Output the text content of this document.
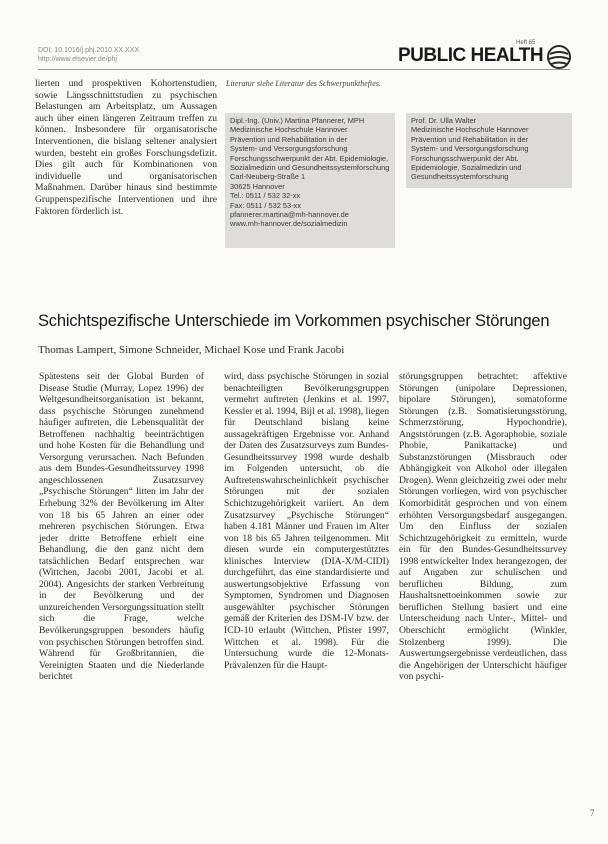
DOI: 10.1016/j.phj.2010.XX.XXX
http://www.elsevier.de/phj
Heft 65
PUBLIC HEALTH

lierten und prospektiven Kohortenstudien, sowie Längsschnittstudien zu psychischen Belastungen am Arbeitsplatz, um Aussagen auch über einen längeren Zeitraum treffen zu können. Insbesondere für organisatorische Interventionen, die bislang seltener analysiert wurden, besteht ein großes Forschungsdefizit. Dies gilt auch für Kombinationen von individuelle und organisatorischen Maßnahmen. Darüber hinaus sind bestimmte Gruppenspezifische Interventionen und ihre Faktoren förderlich ist.

Literatur siehe Literatur des Schwerpunktheftes.
Dipl.-Ing. (Univ.) Martina Pfannerer, MPH
Medizinische Hochschule Hannover
Prävention und Rehabilitation in der
System- und Versorgungsforschung
Forschungsschwerpunkt der Abt. Epidemiologie, Sozialmedizin und Gesundheitssystemforschung
Carl-Neuberg-Straße 1
30625 Hannover
Tel.: 0511 / 532 32-xx
Fax: 0511 / 532 53-xx
pfannerer.martina@mh-hannover.de
www.mh-hannover.de/sozialmedizin
Prof. Dr. Ulla Walter
Medizinische Hochschule Hannover
Prävention und Rehabilitation in der
System- und Versorgungsforschung
Forschungsschwerpunkt der Abt. Epidemiologie, Sozialmedizin und Gesundheitssystemforschung
Schichtspezifische Unterschiede im Vorkommen psychischer Störungen
Thomas Lampert, Simone Schneider, Michael Kose und Frank Jacobi

Spätestens seit der Global Burden of Disease Studie (Murray, Lopez 1996) der Weltgesundheitsorganisation ist bekannt, dass psychische Störungen zunehmend häufiger auftreten, die Lebensqualität der Betroffenen nachhaltig beeinträchtigen und hohe Kosten für die Behandlung und Versorgung verursachen. Nach Befunden aus dem Bundes-Gesundheitssurvey 1998 angeschlossenen Zusatzsurvey „Psychische Störungen“ litten im Jahr der Erhebung 32% der Bevölkerung im Alter von 18 bis 65 Jahren an einer oder mehreren psychischen Störungen. Etwa jeder dritte Betroffene erhielt eine Behandlung, die den ganz nicht dem tatsächlichen Bedarf entsprechen war (Wittchen, Jacobi 2001, Jacobi et al. 2004). Angesichts der starken Verbreitung in der Bevölkerung und der unzureichenden Versorgungssituation stellt sich die Frage, welche Bevölkerungsgruppen besonders häufig von psychischen Störungen betroffen sind. Während für Großbritannien, die Vereinigten Staaten und die Niederlande berichtet

wird, dass psychische Störungen in sozial benachteiligten Bevölkerungsgruppen vermehrt auftreten (Jenkins et al. 1997, Kessler et al. 1994, Bijl et al. 1998), liegen für Deutschland bislang keine aussagekräftigen Ergebnisse vor. Anhand der Daten des Zusatzsurveys zum Bundes-Gesundheitssurvey 1998 wurde deshalb im Folgenden untersucht, ob die Auftretenswahrscheinlichkeit psychischer Störungen mit der sozialen Schichtzugehörigkeit variiert. An dem Zusatzsurvey „Psychische Störungen“ haben 4.181 Männer und Frauen im Alter von 18 bis 65 Jahren teilgenommen. Mit diesen wurde ein computergestütztes klinisches Interview (DIA-X/M-CIDI) durchgeführt, das eine standardisierte und auswertungsobjektive Erfassung von Symptomen, Syndromen und Diagnosen ausgewählter psychischer Störungen gemäß der Kriterien des DSM-IV bzw. der ICD-10 erlaubt (Wittchen, Pfister 1997, Wittchen et al. 1998). Für die Untersuchung wurde die 12-Monats-Prävalenzen für die Haupt-

störungsgruppen betrachtet: affektive Störungen (unipolare Depressionen, bipolare Störungen), somatoforme Störungen (z.B. Somatisierungsstörung, Schmerzstörung, Hypochondrie), Angststörungen (z.B. Agoraphobie, soziale Phobie, Panikattacke) und Substanzstörungen (Missbrauch oder Abhängigkeit von Alkohol oder illegalen Drogen). Wenn gleichzeitig zwei oder mehr Störungen vorliegen, wird von psychischer Komorbidität gesprochen und von einem erhöhten Versorgungsbedarf ausgegangen. Um den Einfluss der sozialen Schichtzugehörigkeit zu ermitteln, wurde ein für den Bundes-Gesundheitssurvey 1998 entwickelter Index herangezogen, der auf Angaben zur schulischen und beruflichen Bildung, zum Haushaltsnettoeinkommen sowie zur beruflichen Stellung basiert und eine Unterscheidung nach Unter-, Mittel- und Oberschicht ermöglicht (Winkler, Stolzenberg 1999). Die Auswertungsergebnisse verdeutlichen, dass die Angehörigen der Unterschicht häufiger von psychi-

7
